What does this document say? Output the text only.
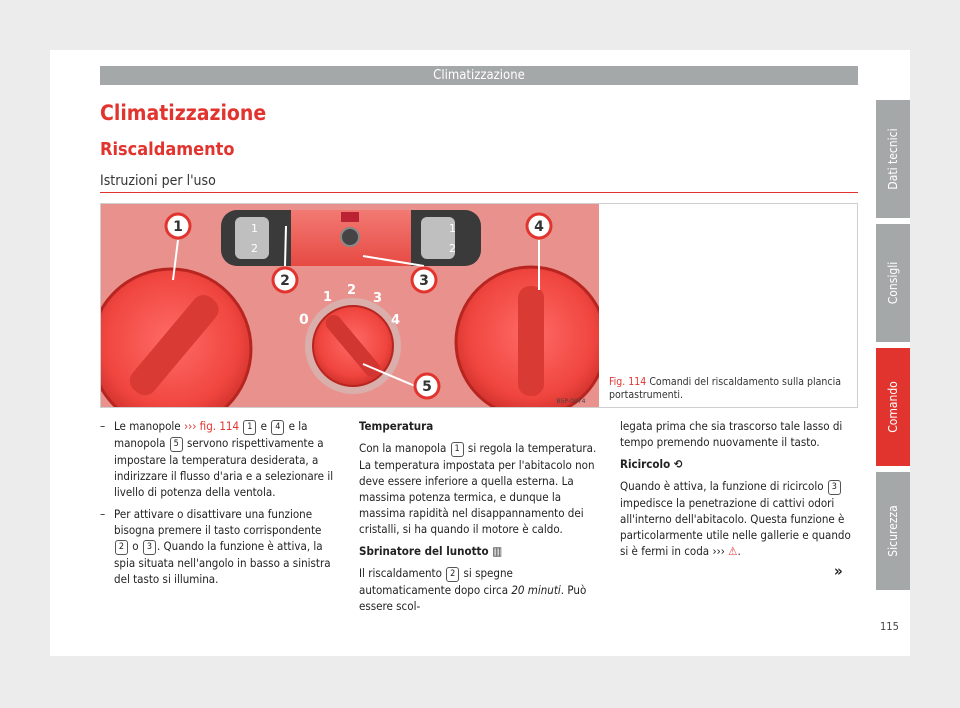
Climatizzazione
Climatizzazione
Riscaldamento
Istruzioni per l'uso
1
2
1
2
0
1 2
3
4
1
2	3
4
5
B5P-0974
Fig. 114 Comandi del riscaldamento sulla plancia portastrumenti.
– Le manopole ››› fig. 114 1 e 4 e la manopola 5 servono rispettivamente a impostare la temperatura desiderata, a indirizzare il flusso d'aria e a selezionare il livello di potenza della ventola.
– Per attivare o disattivare una funzione bisogna premere il tasto corrispondente 2 o 3 . Quando la funzione è attiva, la spia situata nell'angolo in basso a sinistra del tasto si illumina.

Temperatura

Con la manopola 1 si regola la temperatura. La temperatura impostata per l'abitacolo non deve essere inferiore a quella esterna. La massima potenza termica, e dunque la massima rapidità nel disappannamento dei cristalli, si ha quando il motore è caldo.

Sbrinatore del lunotto ▥

Il riscaldamento 2 si spegne automaticamente dopo circa 20 minuti. Può essere scol-

legata prima che sia trascorso tale lasso di tempo premendo nuovamente il tasto.

Ricircolo ⟲

Quando è attiva, la funzione di ricircolo 3 impedisce la penetrazione di cattivi odori all'interno dell'abitacolo. Questa funzione è particolarmente utile nelle gallerie e quando si è fermi in coda ››› ⚠.

»
Dati tecnici
Consigli
Comando
Sicurezza
115
